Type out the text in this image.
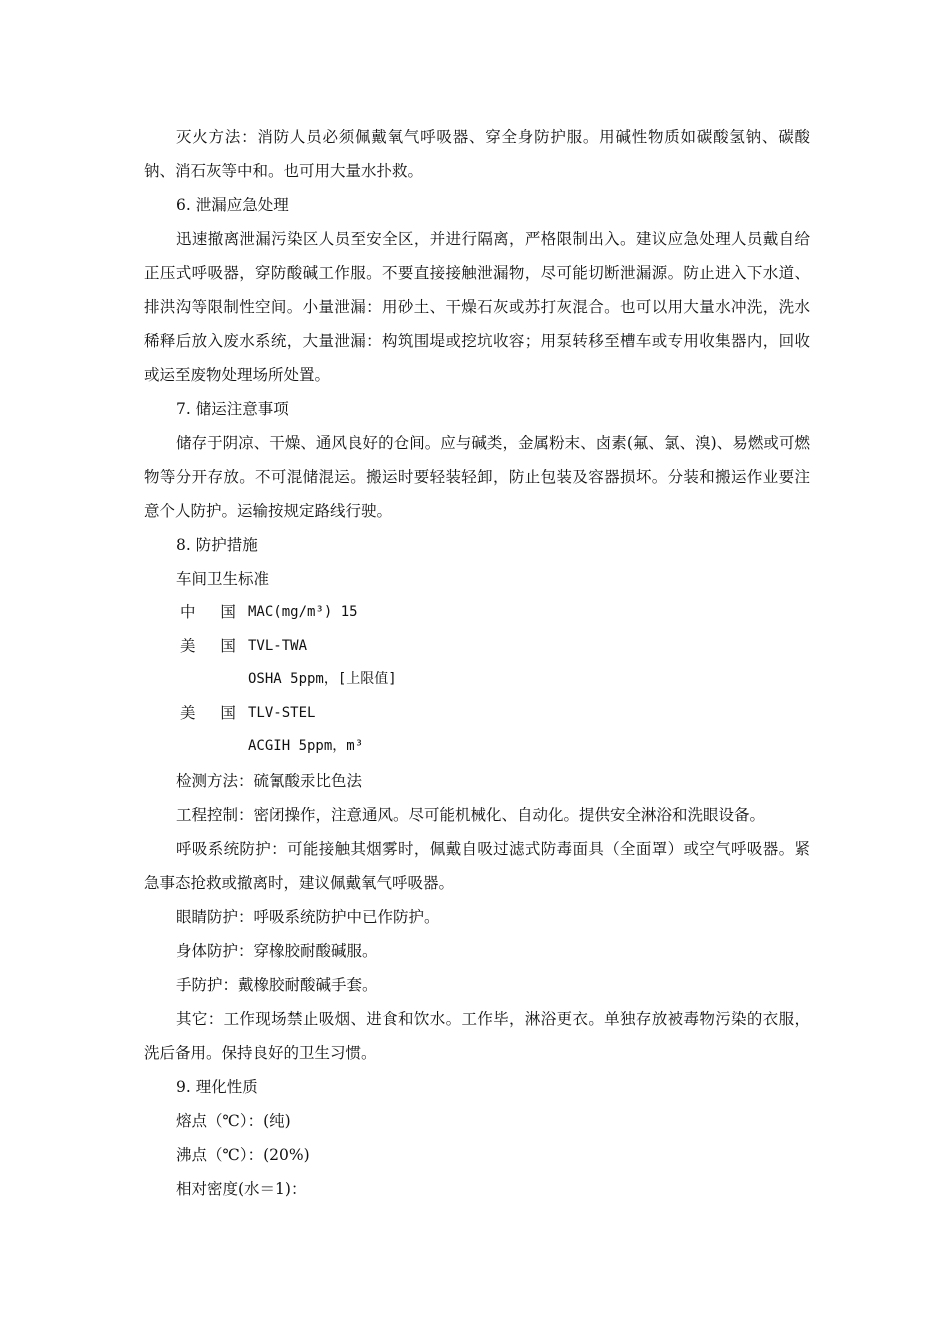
灭火方法：消防人员必须佩戴氧气呼吸器、穿全身防护服。用碱性物质如碳酸氢钠、碳酸钠、消石灰等中和。也可用大量水扑救。

6. 泄漏应急处理

迅速撤离泄漏污染区人员至安全区，并进行隔离，严格限制出入。建议应急处理人员戴自给正压式呼吸器，穿防酸碱工作服。不要直接接触泄漏物，尽可能切断泄漏源。防止进入下水道、排洪沟等限制性空间。小量泄漏：用砂土、干燥石灰或苏打灰混合。也可以用大量水冲洗，洗水稀释后放入废水系统，大量泄漏：构筑围堤或挖坑收容；用泵转移至槽车或专用收集器内，回收或运至废物处理场所处置。

7. 储运注意事项

储存于阴凉、干燥、通风良好的仓间。应与碱类，金属粉末、卤素(氟、氯、溴)、易燃或可燃物等分开存放。不可混储混运。搬运时要轻装轻卸，防止包装及容器损坏。分装和搬运作业要注意个人防护。运输按规定路线行驶。

8. 防护措施

车间卫生标准

中 国 MAC(mg/m³) 15
美 国 TVL-TWA
OSHA 5ppm，[上限值]
美 国 TLV-STEL
ACGIH 5ppm，m³

检测方法：硫氰酸汞比色法

工程控制：密闭操作，注意通风。尽可能机械化、自动化。提供安全淋浴和洗眼设备。

呼吸系统防护：可能接触其烟雾时，佩戴自吸过滤式防毒面具（全面罩）或空气呼吸器。紧急事态抢救或撤离时，建议佩戴氧气呼吸器。

眼睛防护：呼吸系统防护中已作防护。

身体防护：穿橡胶耐酸碱服。

手防护：戴橡胶耐酸碱手套。

其它：工作现场禁止吸烟、进食和饮水。工作毕，淋浴更衣。单独存放被毒物污染的衣服，洗后备用。保持良好的卫生习惯。

9. 理化性质

熔点（℃）：(纯)

沸点（℃）：(20%)

相对密度(水＝1)：
